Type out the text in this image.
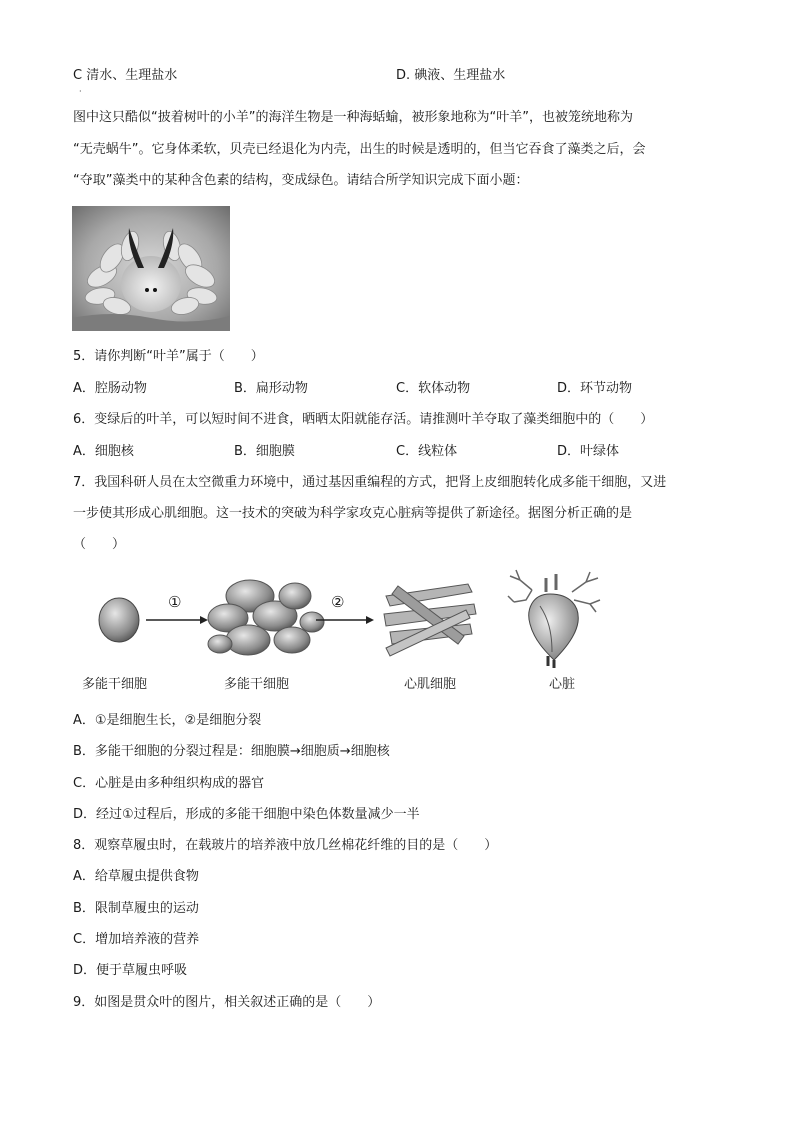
C 清水、生理盐水	D. 碘液、生理盐水
·
图中这只酷似“披着树叶的小羊”的海洋生物是一种海蛞蝓，被形象地称为“叶羊”，也被笼统地称为
“无壳蜗牛”。它身体柔软，贝壳已经退化为内壳，出生的时候是透明的，但当它吞食了藻类之后，会
“夺取”藻类中的某种含色素的结构，变成绿色。请结合所学知识完成下面小题：
5．请你判断“叶羊”属于（　　）
A．腔肠动物	B．扁形动物	C．软体动物	D．环节动物
6．变绿后的叶羊，可以短时间不进食，晒晒太阳就能存活。请推测叶羊夺取了藻类细胞中的（　　）
A．细胞核	B．细胞膜	C．线粒体	D．叶绿体
7．我国科研人员在太空微重力环境中，通过基因重编程的方式，把肾上皮细胞转化成多能干细胞，又进
一步使其形成心肌细胞。这一技术的突破为科学家攻克心脏病等提供了新途径。据图分析正确的是
（　　）
①	②
多能干细胞	多能干细胞	心肌细胞	心脏
A．①是细胞生长，②是细胞分裂
B．多能干细胞的分裂过程是：细胞膜→细胞质→细胞核
C．心脏是由多种组织构成的器官
D．经过①过程后，形成的多能干细胞中染色体数量减少一半
8．观察草履虫时，在载玻片的培养液中放几丝棉花纤维的目的是（　　）
A．给草履虫提供食物
B．限制草履虫的运动
C．增加培养液的营养
D．便于草履虫呼吸
9．如图是贯众叶的图片，相关叙述正确的是（　　）
